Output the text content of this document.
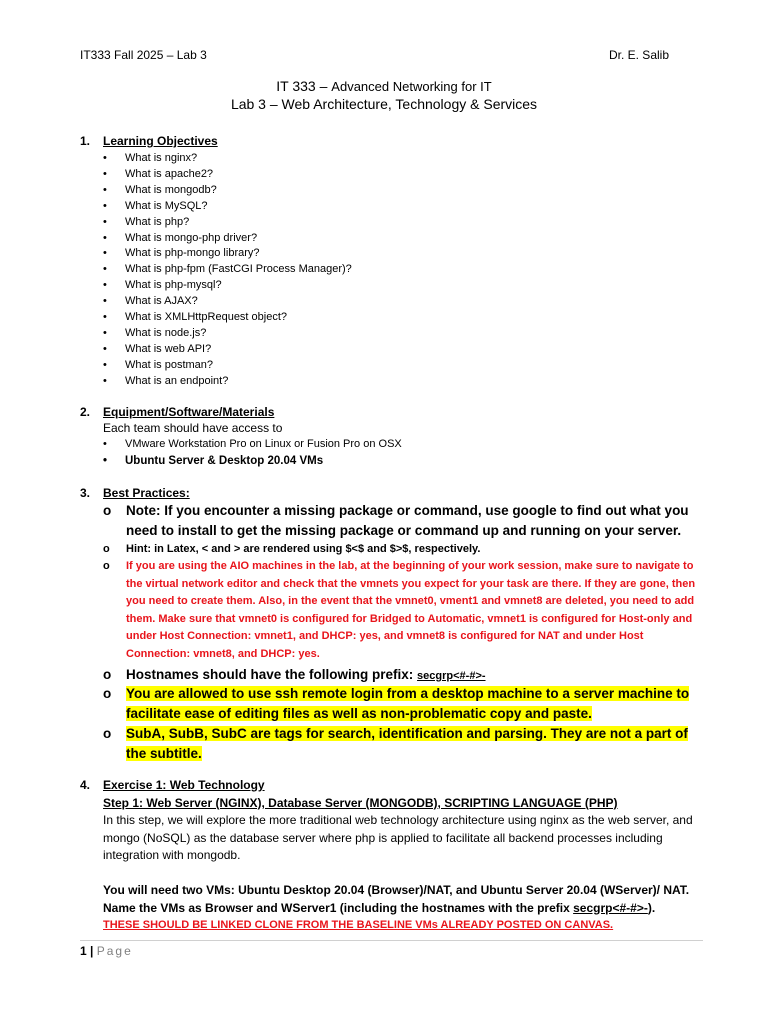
IT333 Fall 2025 – Lab 3	Dr. E. Salib
IT 333 – Advanced Networking for IT
Lab 3 – Web Architecture, Technology & Services
1. Learning Objectives
• What is nginx?
• What is apache2?
• What is mongodb?
• What is MySQL?
• What is php?
• What is mongo-php driver?
• What is php-mongo library?
• What is php-fpm (FastCGI Process Manager)?
• What is php-mysql?
• What is AJAX?
• What is XMLHttpRequest object?
• What is node.js?
• What is web API?
• What is postman?
• What is an endpoint?
2. Equipment/Software/Materials
Each team should have access to
• VMware Workstation Pro on Linux or Fusion Pro on OSX
• Ubuntu Server & Desktop 20.04 VMs
3. Best Practices:
o Note: If you encounter a missing package or command, use google to find out what you need to install to get the missing package or command up and running on your server.
o Hint: in Latex, < and > are rendered using $<$ and $>$, respectively.
o If you are using the AIO machines in the lab, at the beginning of your work session, make sure to navigate to the virtual network editor and check that the vmnets you expect for your task are there. If they are gone, then you need to create them. Also, in the event that the vmnet0, vment1 and vmnet8 are deleted, you need to add them. Make sure that vmnet0 is configured for Bridged to Automatic, vmnet1 is configured for Host-only and under Host Connection: vmnet1, and DHCP: yes, and vmnet8 is configured for NAT and under Host Connection: vmnet8, and DHCP: yes.
o Hostnames should have the following prefix: secgrp<#-#>-
o You are allowed to use ssh remote login from a desktop machine to a server machine to facilitate ease of editing files as well as non-problematic copy and paste.
o SubA, SubB, SubC are tags for search, identification and parsing. They are not a part of the subtitle.
4. Exercise 1: Web Technology
Step 1: Web Server (NGINX), Database Server (MONGODB), SCRIPTING LANGUAGE (PHP)
In this step, we will explore the more traditional web technology architecture using nginx as the web server, and mongo (NoSQL) as the database server where php is applied to facilitate all backend processes including integration with mongodb.
You will need two VMs: Ubuntu Desktop 20.04 (Browser)/NAT, and Ubuntu Server 20.04 (WServer)/ NAT. Name the VMs as Browser and WServer1 (including the hostnames with the prefix secgrp<#-#>-).
THESE SHOULD BE LINKED CLONE FROM THE BASELINE VMs ALREADY POSTED ON CANVAS.
1 | Page
